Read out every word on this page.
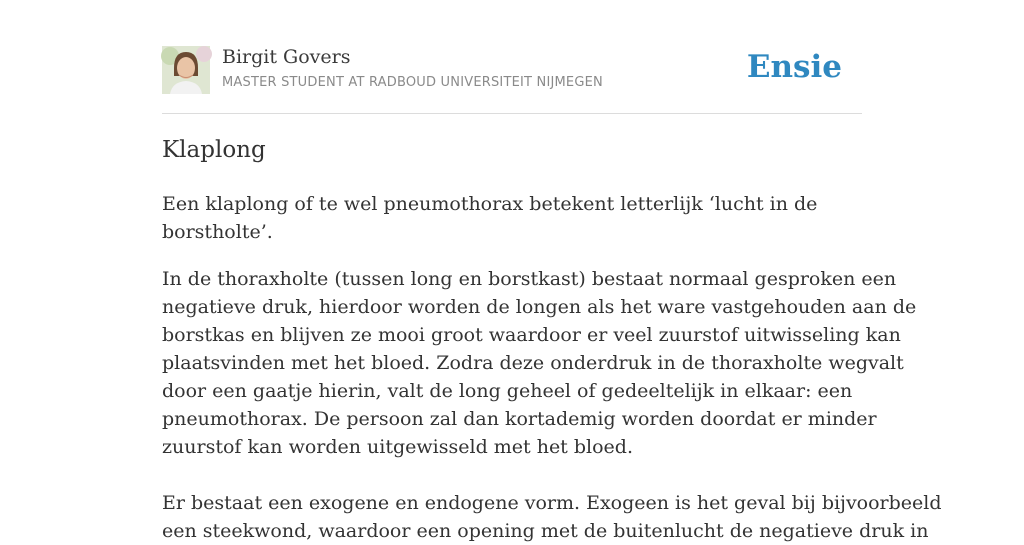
Birgit Govers
MASTER STUDENT AT RADBOUD UNIVERSITEIT NIJMEGEN	Ensie
Klaplong

Een klaplong of te wel pneumothorax betekent letterlijk ‘lucht in de borstholte’.

In de thoraxholte (tussen long en borstkast) bestaat normaal gesproken een
negatieve druk, hierdoor worden de longen als het ware vastgehouden aan de
borstkas en blijven ze mooi groot waardoor er veel zuurstof uitwisseling kan
plaatsvinden met het bloed. Zodra deze onderdruk in de thoraxholte wegvalt
door een gaatje hierin, valt de long geheel of gedeeltelijk in elkaar: een
pneumothorax. De persoon zal dan kortademig worden doordat er minder
zuurstof kan worden uitgewisseld met het bloed.

Er bestaat een exogene en endogene vorm. Exogeen is het geval bij bijvoorbeeld
een steekwond, waardoor een opening met de buitenlucht de negatieve druk in
